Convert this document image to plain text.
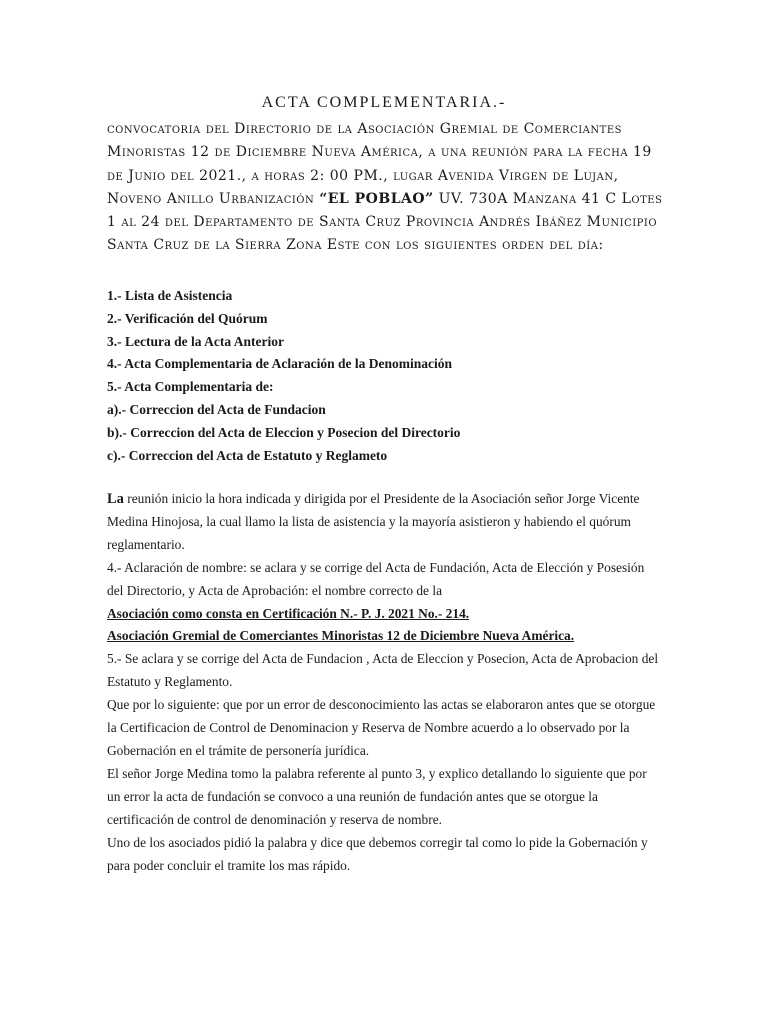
ACTA COMPLEMENTARIA.-
convocatoria del Directorio de la Asociación Gremial de Comerciantes Minoristas 12 de Diciembre Nueva América, a una reunión para la fecha 19 de Junio del 2021., a horas 2: 00 PM., lugar Avenida Virgen de Lujan, Noveno Anillo Urbanización “EL POBLAO” UV. 730A Manzana 41 C Lotes 1 al 24 del Departamento de Santa Cruz Provincia Andrés Ibáñez Municipio Santa Cruz de la Sierra Zona Este con los siguientes orden del día:
1.- Lista de Asistencia
2.- Verificación del Quórum
3.- Lectura de la Acta Anterior
4.- Acta Complementaria de Aclaración de la Denominación
5.- Acta Complementaria de:
a).- Correccion del Acta de Fundacion
b).- Correccion del Acta de Eleccion y Posecion del Directorio
c).- Correccion del Acta de Estatuto y Reglameto

La reunión inicio la hora indicada y dirigida por el Presidente de la Asociación señor Jorge Vicente Medina Hinojosa, la cual llamo la lista de asistencia y la mayoría asistieron y habiendo el quórum reglamentario.

4.- Aclaración de nombre: se aclara y se corrige del Acta de Fundación, Acta de Elección y Posesión del Directorio, y Acta de Aprobación: el nombre correcto de la

Asociación como consta en Certificación N.- P. J. 2021 No.- 214.

Asociación Gremial de Comerciantes Minoristas 12 de Diciembre Nueva América.

5.- Se aclara y se corrige del Acta de Fundacion , Acta de Eleccion y Posecion, Acta de Aprobacion del Estatuto y Reglamento.

Que por lo siguiente: que por un error de desconocimiento las actas se elaboraron antes que se otorgue la Certificacion de Control de Denominacion y Reserva de Nombre acuerdo a lo observado por la Gobernación en el trámite de personería jurídica.

El señor Jorge Medina tomo la palabra referente al punto 3, y explico detallando lo siguiente que por un error la acta de fundación se convoco a una reunión de fundación antes que se otorgue la certificación de control de denominación y reserva de nombre.

Uno de los asociados pidió la palabra y dice que debemos corregir tal como lo pide la Gobernación y para poder concluir el tramite los mas rápido.
